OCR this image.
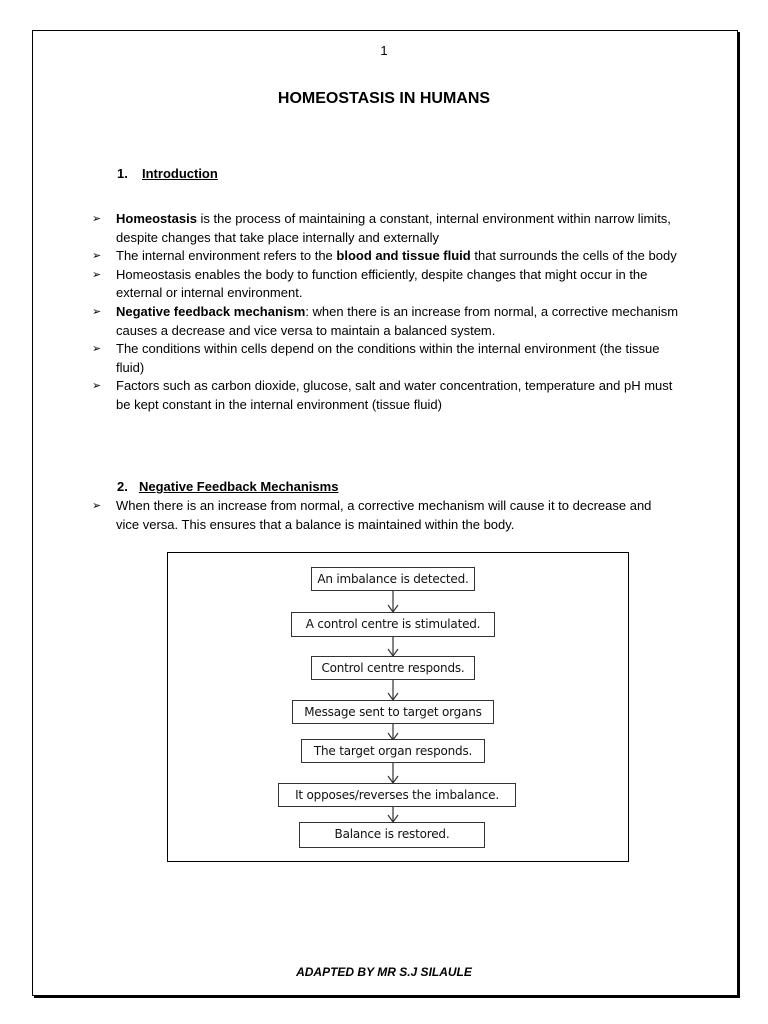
1
HOMEOSTASIS IN HUMANS
1. Introduction
➢ Homeostasis is the process of maintaining a constant, internal environment within narrow limits, despite changes that take place internally and externally
➢ The internal environment refers to the blood and tissue fluid that surrounds the cells of the body
➢ Homeostasis enables the body to function efficiently, despite changes that might occur in the external or internal environment.
➢ Negative feedback mechanism: when there is an increase from normal, a corrective mechanism causes a decrease and vice versa to maintain a balanced system.
➢ The conditions within cells depend on the conditions within the internal environment (the tissue fluid)
➢ Factors such as carbon dioxide, glucose, salt and water concentration, temperature and pH must be kept constant in the internal environment (tissue fluid)
2. Negative Feedback Mechanisms
➢ When there is an increase from normal, a corrective mechanism will cause it to decrease and vice versa. This ensures that a balance is maintained within the body.
An imbalance is detected.
A control centre is stimulated.
Control centre responds.
Message sent to target organs
The target organ responds.
It opposes/reverses the imbalance.
Balance is restored.
ADAPTED BY MR S.J SILAULE
